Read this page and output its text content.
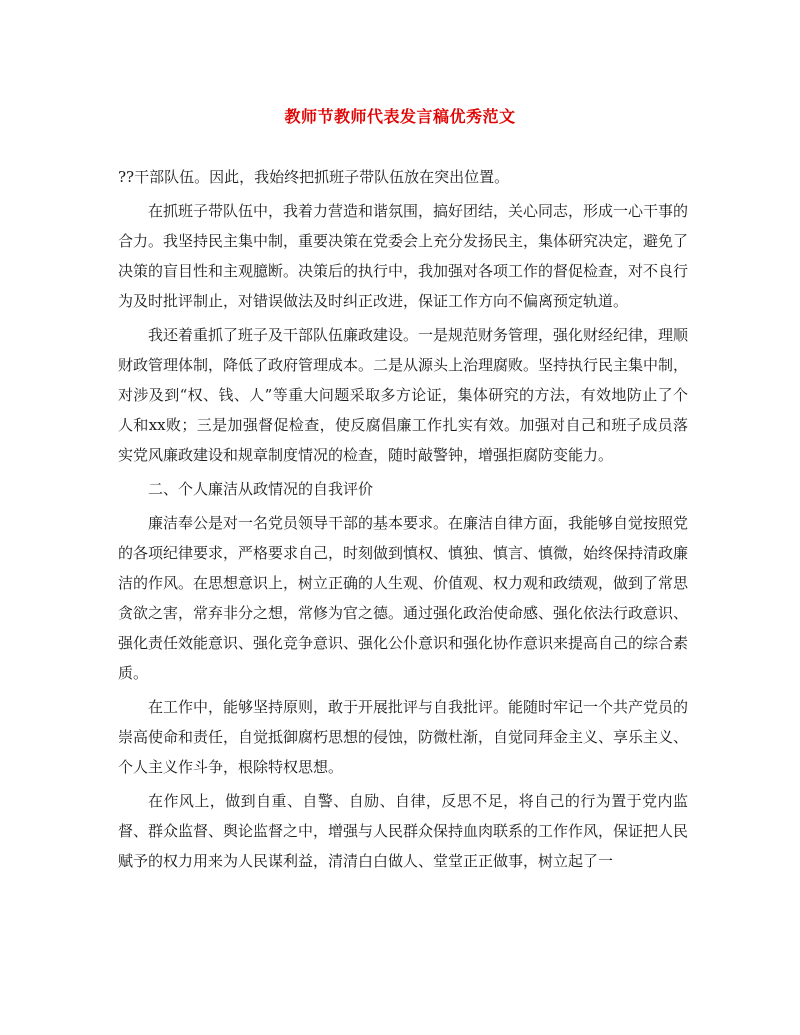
教师节教师代表发言稿优秀范文

??干部队伍。因此，我始终把抓班子带队伍放在突出位置。

在抓班子带队伍中，我着力营造和谐氛围，搞好团结，关心同志，形成一心干事的合力。我坚持民主集中制，重要决策在党委会上充分发扬民主，集体研究决定，避免了决策的盲目性和主观臆断。决策后的执行中，我加强对各项工作的督促检查，对不良行为及时批评制止，对错误做法及时纠正改进，保证工作方向不偏离预定轨道。

我还着重抓了班子及干部队伍廉政建设。一是规范财务管理，强化财经纪律，理顺财政管理体制，降低了政府管理成本。二是从源头上治理腐败。坚持执行民主集中制，对涉及到“权、钱、人”等重大问题采取多方论证，集体研究的方法，有效地防止了个人和xx败；三是加强督促检查，使反腐倡廉工作扎实有效。加强对自己和班子成员落实党风廉政建设和规章制度情况的检查，随时敲警钟，增强拒腐防变能力。

二、个人廉洁从政情况的自我评价

廉洁奉公是对一名党员领导干部的基本要求。在廉洁自律方面，我能够自觉按照党的各项纪律要求，严格要求自己，时刻做到慎权、慎独、慎言、慎微，始终保持清政廉洁的作风。在思想意识上，树立正确的人生观、价值观、权力观和政绩观，做到了常思贪欲之害，常弃非分之想，常修为官之德。通过强化政治使命感、强化依法行政意识、强化责任效能意识、强化竞争意识、强化公仆意识和强化协作意识来提高自己的综合素质。

在工作中，能够坚持原则，敢于开展批评与自我批评。能随时牢记一个共产党员的崇高使命和责任，自觉抵御腐朽思想的侵蚀，防微杜渐，自觉同拜金主义、享乐主义、个人主义作斗争，根除特权思想。

在作风上，做到自重、自警、自励、自律，反思不足，将自己的行为置于党内监督、群众监督、舆论监督之中，增强与人民群众保持血肉联系的工作作风，保证把人民赋予的权力用来为人民谋利益，清清白白做人、堂堂正正做事，树立起了一
